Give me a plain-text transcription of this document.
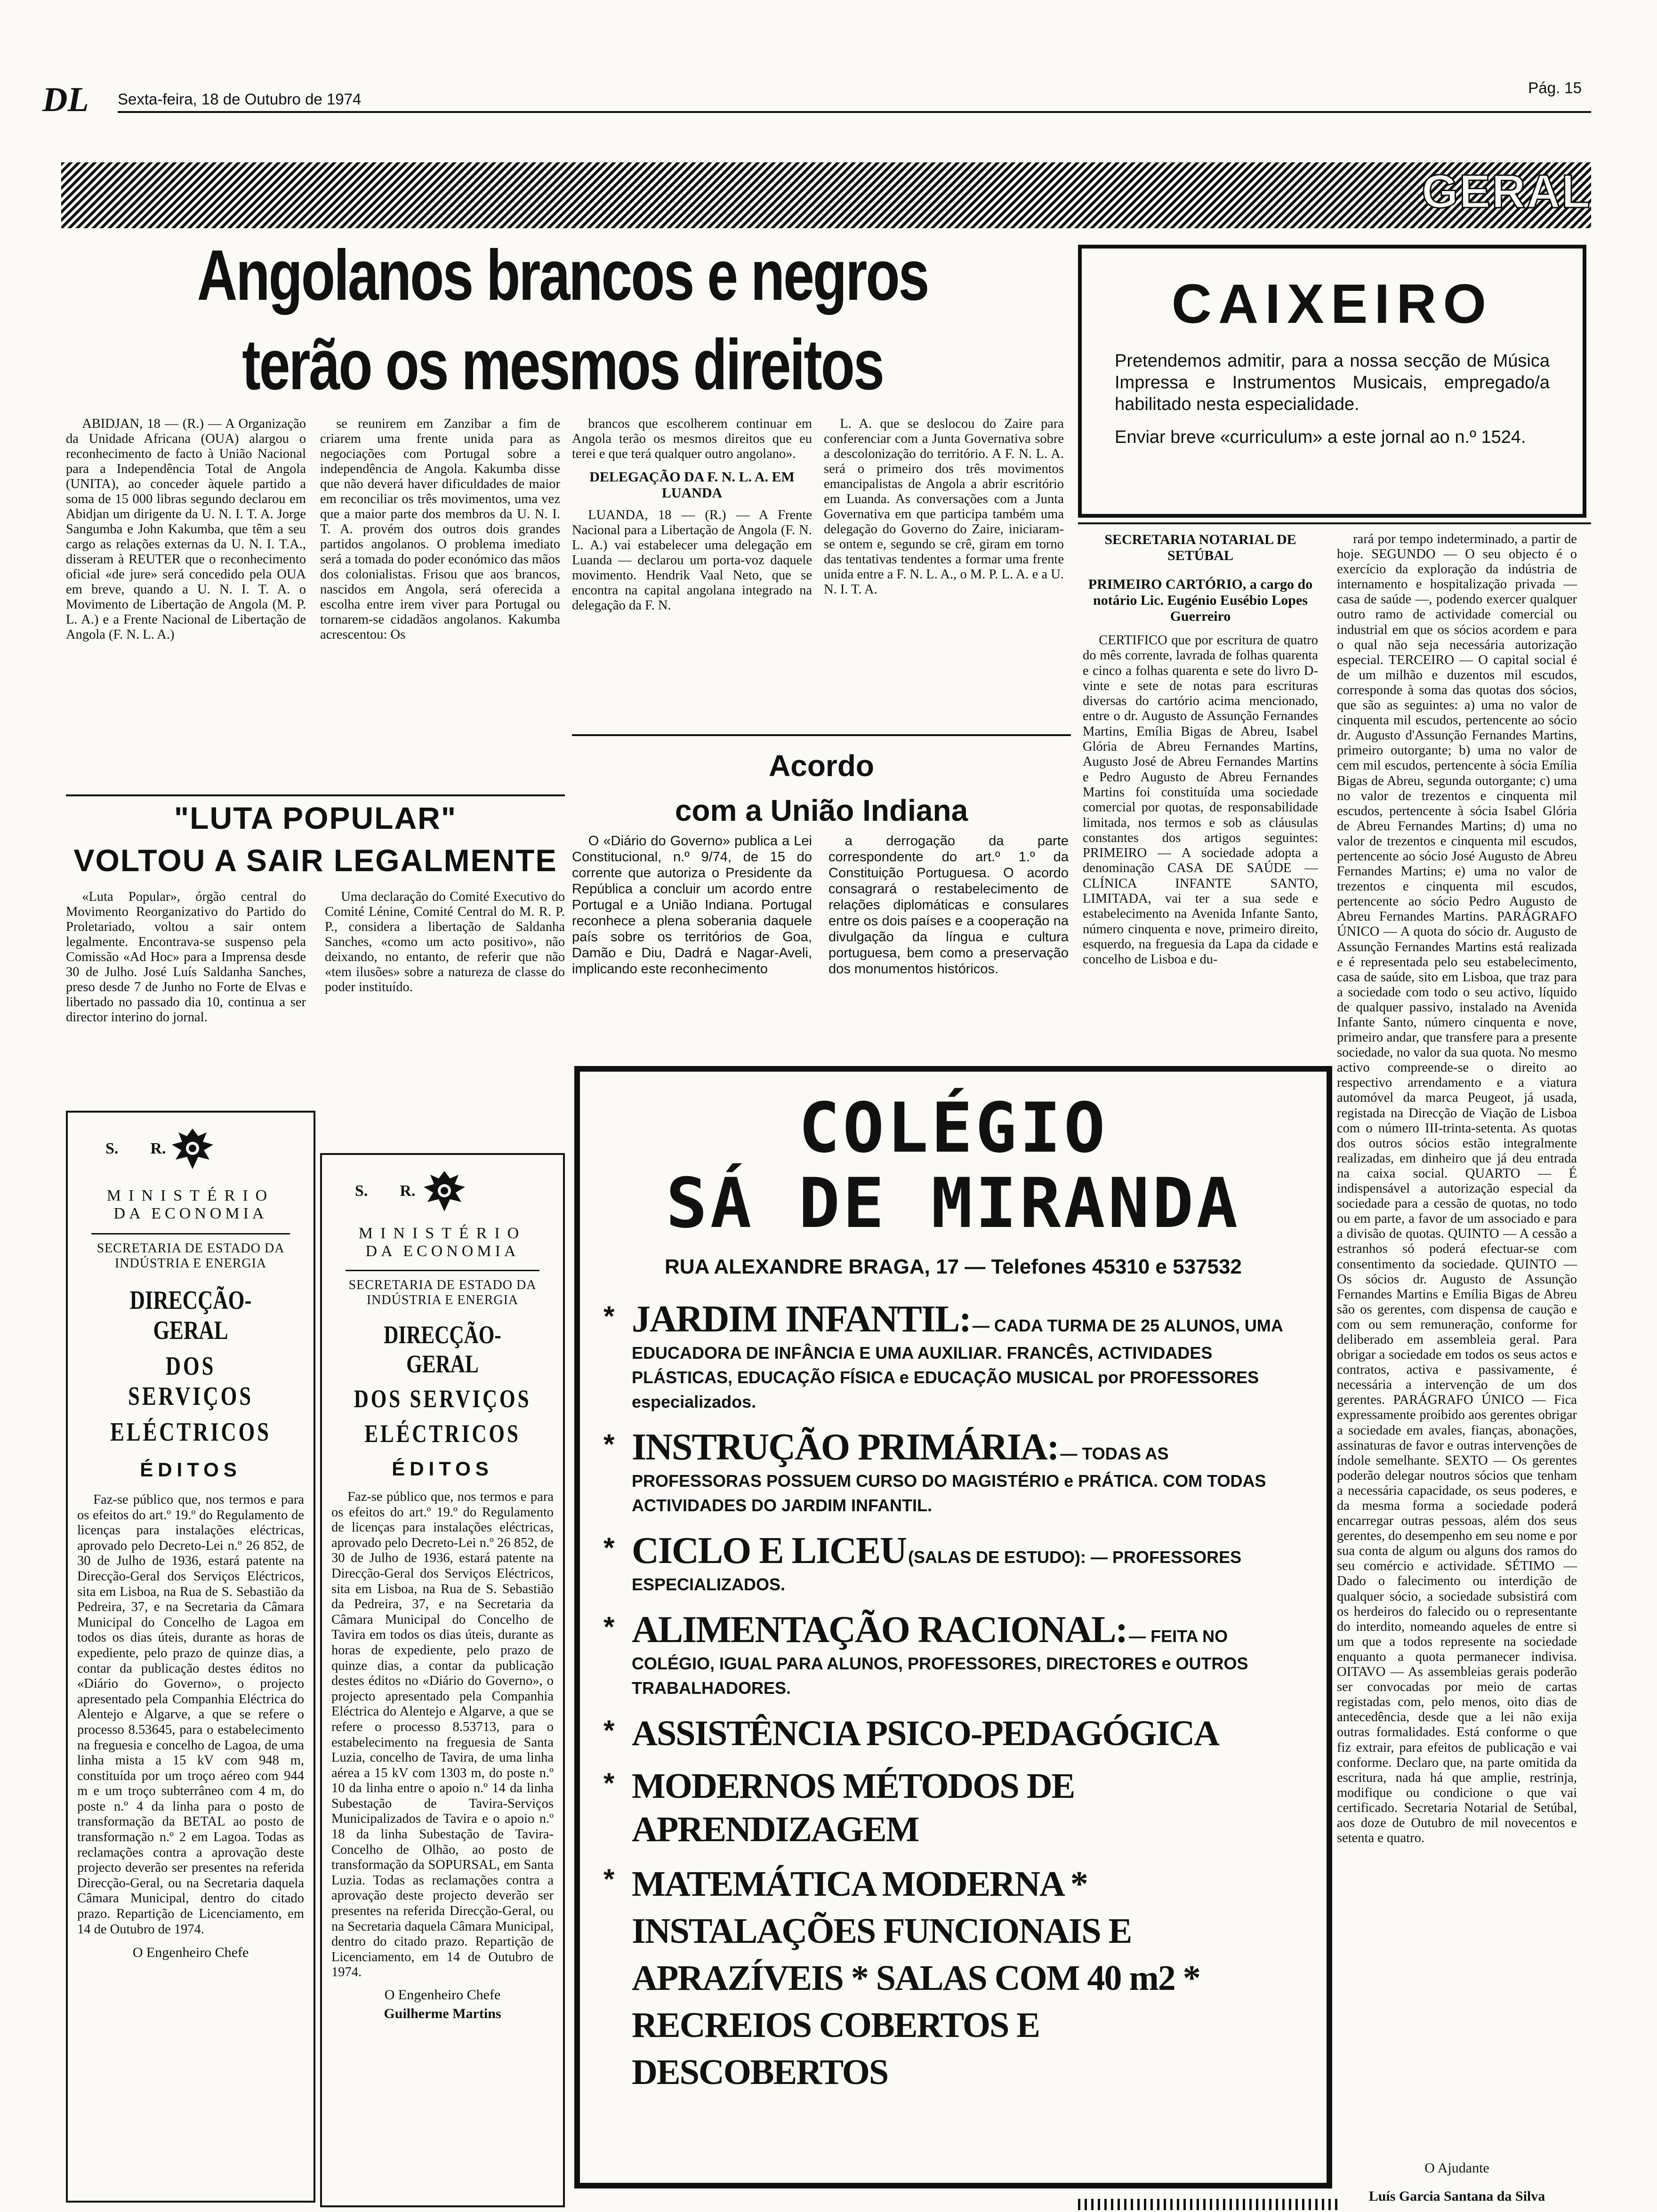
DL Sexta-feira, 18 de Outubro de 1974
Pág. 15
GERAL
Angolanos brancos e negros
terão os mesmos direitos

ABIDJAN, 18 — (R.) — A Organização da Unidade Africana (OUA) alargou o reconhecimento de facto à União Nacional para a Independência Total de Angola (UNITA), ao conceder àquele partido a soma de 15 000 libras segundo declarou em Abidjan um dirigente da U. N. I. T. A. Jorge Sangumba e John Kakumba, que têm a seu cargo as relações externas da U. N. I. T.A., disseram à REUTER que o reconhecimento oficial «de jure» será concedido pela OUA em breve, quando a U. N. I. T. A. o Movimento de Libertação de Angola (M. P. L. A.) e a Frente Nacional de Libertação de Angola (F. N. L. A.)

se reunirem em Zanzibar a fim de criarem uma frente unida para as negociações com Portugal sobre a independência de Angola. Kakumba disse que não deverá haver dificuldades de maior em reconciliar os três movimentos, uma vez que a maior parte dos membros da U. N. I. T. A. provém dos outros dois grandes partidos angolanos. O problema imediato será a tomada do poder económico das mãos dos colonialistas. Frisou que aos brancos, nascidos em Angola, será oferecida a escolha entre irem viver para Portugal ou tornarem-se cidadãos angolanos. Kakumba acrescentou: Os

brancos que escolherem continuar em Angola terão os mesmos direitos que eu terei e que terá qualquer outro angolano».

DELEGAÇÃO DA F. N. L. A. EM LUANDA

LUANDA, 18 — (R.) — A Frente Nacional para a Libertação de Angola (F. N. L. A.) vai estabelecer uma delegação em Luanda — declarou um porta-voz daquele movimento. Hendrik Vaal Neto, que se encontra na capital angolana integrado na delegação da F. N.

L. A. que se deslocou do Zaire para conferenciar com a Junta Governativa sobre a descolonização do território. A F. N. L. A. será o primeiro dos três movimentos emancipalistas de Angola a abrir escritório em Luanda. As conversações com a Junta Governativa em que participa também uma delegação do Governo do Zaire, iniciaram-se ontem e, segundo se crê, giram em torno das tentativas tendentes a formar uma frente unida entre a F. N. L. A., o M. P. L. A. e a U. N. I. T. A.

CAIXEIRO
Pretendemos admitir, para a nossa secção de Música Impressa e Instrumentos Musicais, empregado/a habilitado nesta especialidade.
Enviar breve «curriculum» a este jornal ao n.º 1524.
"LUTA POPULAR"
VOLTOU A SAIR LEGALMENTE

«Luta Popular», órgão central do Movimento Reorganizativo do Partido do Proletariado, voltou a sair ontem legalmente. Encontrava-se suspenso pela Comissão «Ad Hoc» para a Imprensa desde 30 de Julho. José Luís Saldanha Sanches, preso desde 7 de Junho no Forte de Elvas e libertado no passado dia 10, continua a ser director interino do jornal.

Uma declaração do Comité Executivo do Comité Lénine, Comité Central do M. R. P. P., considera a libertação de Saldanha Sanches, «como um acto positivo», não deixando, no entanto, de referir que não «tem ilusões» sobre a natureza de classe do poder instituído.

Acordo
com a União Indiana

O «Diário do Governo» publica a Lei Constitucional, n.º 9/74, de 15 do corrente que autoriza o Presidente da República a concluir um acordo entre Portugal e a União Indiana. Portugal reconhece a plena soberania daquele país sobre os territórios de Goa, Damão e Diu, Dadrá e Nagar-Aveli, implicando este reconhecimento

a derrogação da parte correspondente do art.º 1.º da Constituição Portuguesa. O acordo consagrará o restabelecimento de relações diplomáticas e consulares entre os dois países e a cooperação na divulgação da língua e cultura portuguesa, bem como a preservação dos monumentos históricos.

SECRETARIA NOTARIAL DE SETÚBAL
PRIMEIRO CARTÓRIO, a cargo do notário Lic. Eugénio Eusébio Lopes Guerreiro

CERTIFICO que por escritura de quatro do mês corrente, lavrada de folhas quarenta e cinco a folhas quarenta e sete do livro D-vinte e sete de notas para escrituras diversas do cartório acima mencionado, entre o dr. Augusto de Assunção Fernandes Martins, Emília Bigas de Abreu, Isabel Glória de Abreu Fernandes Martins, Augusto José de Abreu Fernandes Martins e Pedro Augusto de Abreu Fernandes Martins foi constituída uma sociedade comercial por quotas, de responsabilidade limitada, nos termos e sob as cláusulas constantes dos artigos seguintes: PRIMEIRO — A sociedade adopta a denominação CASA DE SAÚDE — CLÍNICA INFANTE SANTO, LIMITADA, vai ter a sua sede e estabelecimento na Avenida Infante Santo, número cinquenta e nove, primeiro direito, esquerdo, na freguesia da Lapa da cidade e concelho de Lisboa e du-

rará por tempo indeterminado, a partir de hoje. SEGUNDO — O seu objecto é o exercício da exploração da indústria de internamento e hospitalização privada — casa de saúde —, podendo exercer qualquer outro ramo de actividade comercial ou industrial em que os sócios acordem e para o qual não seja necessária autorização especial. TERCEIRO — O capital social é de um milhão e duzentos mil escudos, corresponde à soma das quotas dos sócios, que são as seguintes: a) uma no valor de cinquenta mil escudos, pertencente ao sócio dr. Augusto d'Assunção Fernandes Martins, primeiro outorgante; b) uma no valor de cem mil escudos, pertencente à sócia Emília Bigas de Abreu, segunda outorgante; c) uma no valor de trezentos e cinquenta mil escudos, pertencente à sócia Isabel Glória de Abreu Fernandes Martins; d) uma no valor de trezentos e cinquenta mil escudos, pertencente ao sócio José Augusto de Abreu Fernandes Martins; e) uma no valor de trezentos e cinquenta mil escudos, pertencente ao sócio Pedro Augusto de Abreu Fernandes Martins. PARÁGRAFO ÚNICO — A quota do sócio dr. Augusto de Assunção Fernandes Martins está realizada e é representada pelo seu estabelecimento, casa de saúde, sito em Lisboa, que traz para a sociedade com todo o seu activo, líquido de qualquer passivo, instalado na Avenida Infante Santo, número cinquenta e nove, primeiro andar, que transfere para a presente sociedade, no valor da sua quota. No mesmo activo compreende-se o direito ao respectivo arrendamento e a viatura automóvel da marca Peugeot, já usada, registada na Direcção de Viação de Lisboa com o número III-trinta-setenta. As quotas dos outros sócios estão integralmente realizadas, em dinheiro que já deu entrada na caixa social. QUARTO — É indispensável a autorização especial da sociedade para a cessão de quotas, no todo ou em parte, a favor de um associado e para a divisão de quotas. QUINTO — A cessão a estranhos só poderá efectuar-se com consentimento da sociedade. QUINTO — Os sócios dr. Augusto de Assunção Fernandes Martins e Emília Bigas de Abreu são os gerentes, com dispensa de caução e com ou sem remuneração, conforme for deliberado em assembleia geral. Para obrigar a sociedade em todos os seus actos e contratos, activa e passivamente, é necessária a intervenção de um dos gerentes. PARÁGRAFO ÚNICO — Fica expressamente proibido aos gerentes obrigar a sociedade em avales, fianças, abonações, assinaturas de favor e outras intervenções de índole semelhante. SEXTO — Os gerentes poderão delegar noutros sócios que tenham a necessária capacidade, os seus poderes, e da mesma forma a sociedade poderá encarregar outras pessoas, além dos seus gerentes, do desempenho em seu nome e por sua conta de algum ou alguns dos ramos do seu comércio e actividade. SÉTIMO — Dado o falecimento ou interdição de qualquer sócio, a sociedade subsistirá com os herdeiros do falecido ou o representante do interdito, nomeando aqueles de entre si um que a todos represente na sociedade enquanto a quota permanecer indivisa. OITAVO — As assembleias gerais poderão ser convocadas por meio de cartas registadas com, pelo menos, oito dias de antecedência, desde que a lei não exija outras formalidades. Está conforme o que fiz extrair, para efeitos de publicação e vai conforme. Declaro que, na parte omitida da escritura, nada há que amplie, restrinja, modifique ou condicione o que vai certificado. Secretaria Notarial de Setúbal, aos doze de Outubro de mil novecentos e setenta e quatro.

O Ajudante
Luís Garcia Santana da Silva
S.        R.
MINISTÉRIO
DA ECONOMIA
SECRETARIA DE ESTADO DA INDÚSTRIA E ENERGIA
DIRECÇÃO-GERAL
DOS SERVIÇOS
ELÉCTRICOS
ÉDITOS

Faz-se público que, nos termos e para os efeitos do art.º 19.º do Regulamento de licenças para instalações eléctricas, aprovado pelo Decreto-Lei n.º 26 852, de 30 de Julho de 1936, estará patente na Direcção-Geral dos Serviços Eléctricos, sita em Lisboa, na Rua de S. Sebastião da Pedreira, 37, e na Secretaria da Câmara Municipal do Concelho de Lagoa em todos os dias úteis, durante as horas de expediente, pelo prazo de quinze dias, a contar da publicação destes éditos no «Diário do Governo», o projecto apresentado pela Companhia Eléctrica do Alentejo e Algarve, a que se refere o processo 8.53645, para o estabelecimento na freguesia e concelho de Lagoa, de uma linha mista a 15 kV com 948 m, constituída por um troço aéreo com 944 m e um troço subterrâneo com 4 m, do poste n.º 4 da linha para o posto de transformação da BETAL ao posto de transformação n.º 2 em Lagoa. Todas as reclamações contra a aprovação deste projecto deverão ser presentes na referida Direcção-Geral, ou na Secretaria daquela Câmara Municipal, dentro do citado prazo. Repartição de Licenciamento, em 14 de Outubro de 1974.

O Engenheiro Chefe
S.        R.
MINISTÉRIO
DA ECONOMIA
SECRETARIA DE ESTADO DA INDÚSTRIA E ENERGIA
DIRECÇÃO-GERAL
DOS SERVIÇOS
ELÉCTRICOS
ÉDITOS

Faz-se público que, nos termos e para os efeitos do art.º 19.º do Regulamento de licenças para instalações eléctricas, aprovado pelo Decreto-Lei n.º 26 852, de 30 de Julho de 1936, estará patente na Direcção-Geral dos Serviços Eléctricos, sita em Lisboa, na Rua de S. Sebastião da Pedreira, 37, e na Secretaria da Câmara Municipal do Concelho de Tavira em todos os dias úteis, durante as horas de expediente, pelo prazo de quinze dias, a contar da publicação destes éditos no «Diário do Governo», o projecto apresentado pela Companhia Eléctrica do Alentejo e Algarve, a que se refere o processo 8.53713, para o estabelecimento na freguesia de Santa Luzia, concelho de Tavira, de uma linha aérea a 15 kV com 1303 m, do poste n.º 10 da linha entre o apoio n.º 14 da linha Subestação de Tavira-Serviços Municipalizados de Tavira e o apoio n.º 18 da linha Subestação de Tavira-Concelho de Olhão, ao posto de transformação da SOPURSAL, em Santa Luzia. Todas as reclamações contra a aprovação deste projecto deverão ser presentes na referida Direcção-Geral, ou na Secretaria daquela Câmara Municipal, dentro do citado prazo. Repartição de Licenciamento, em 14 de Outubro de 1974.

O Engenheiro Chefe
Guilherme Martins
COLÉGIO
SÁ DE MIRANDA
RUA ALEXANDRE BRAGA, 17 — Telefones 45310 e 537532
* JARDIM INFANTIL: — CADA TURMA DE 25 ALUNOS, UMA EDUCADORA DE INFÂNCIA E UMA AUXILIAR. FRANCÊS, ACTIVIDADES PLÁSTICAS, EDUCAÇÃO FÍSICA e EDUCAÇÃO MUSICAL por PROFESSORES especializados.
* INSTRUÇÃO PRIMÁRIA: — TODAS AS PROFESSORAS POSSUEM CURSO DO MAGISTÉRIO e PRÁTICA. COM TODAS ACTIVIDADES DO JARDIM INFANTIL.
* CICLO E LICEU (SALAS DE ESTUDO): — PROFESSORES ESPECIALIZADOS.
* ALIMENTAÇÃO RACIONAL: — FEITA NO COLÉGIO, IGUAL PARA ALUNOS, PROFESSORES, DIRECTORES e OUTROS TRABALHADORES.
* ASSISTÊNCIA PSICO-PEDAGÓGICA
* MODERNOS MÉTODOS DE APRENDIZAGEM
* MATEMÁTICA MODERNA * INSTALAÇÕES FUNCIONAIS E APRAZÍVEIS * SALAS COM 40 m2 * RECREIOS COBERTOS E DESCOBERTOS
